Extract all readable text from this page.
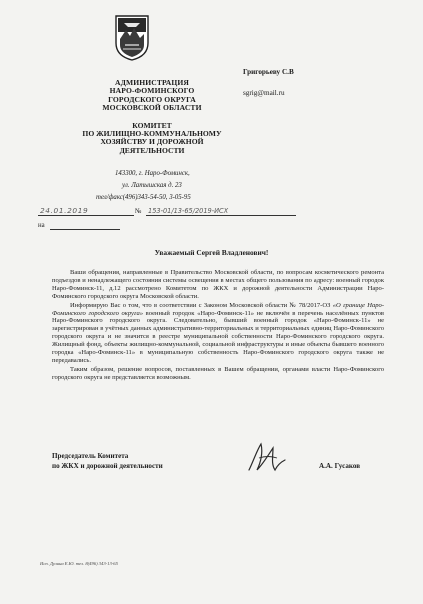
АДМИНИСТРАЦИЯ
НАРО-ФОМИНСКОГО
ГОРОДСКОГО ОКРУГА
МОСКОВСКОЙ ОБЛАСТИ
КОМИТЕТ
ПО ЖИЛИЩНО-КОММУНАЛЬНОМУ
ХОЗЯЙСТВУ И ДОРОЖНОЙ
ДЕЯТЕЛЬНОСТИ
143300, г. Наро-Фоминск,
ул. Латышская д. 23
тел/факс(496)343-54-50, 3-05-95
24.01.2019	№ 153-01/13-65/2019-ИСХ
на
Григорьеву С.В
sgrig@mail.ru
Уважаемый Сергей Владленович!

Ваши обращения, направленные в Правительство Московской области, по вопросам косметического ремонта подъездов и ненадлежащего состояния системы освещения в местах общего пользования по адресу: военный городок Наро-Фоминск-11, д.12 рассмотрено Комитетом по ЖКХ и дорожной деятельности Администрации Наро-Фоминского городского округа Московской области.

Информирую Вас о том, что в соответствии с Законом Московской области № 78/2017-ОЗ «О границе Наро-Фоминского городского округа» военный городок «Наро-Фоминск-11» не включён в перечень населённых пунктов Наро-Фоминского городского округа. Следовательно, бывший военный городок «Наро-Фоминск-11» не зарегистрирован в учётных данных административно-территориальных и территориальных единиц Наро-Фоминского городского округа и не значится в реестре муниципальной собственности Наро-Фоминского городского округа. Жилищный фонд, объекты жилищно-коммунальной, социальной инфраструктуры и иные объекты бывшего военного городка «Наро-Фоминск-11» в муниципальную собственность Наро-Фоминского городского округа также не передавались.

Таким образом, решение вопросов, поставленных в Вашем обращении, органами власти Наро-Фоминского городского округа не представляется возможным.

Председатель Комитета
по ЖКХ и дорожной деятельности	А.А. Гусаков
Исп. Дулина Е.Ю. тел. 8(496) 343-13-65
